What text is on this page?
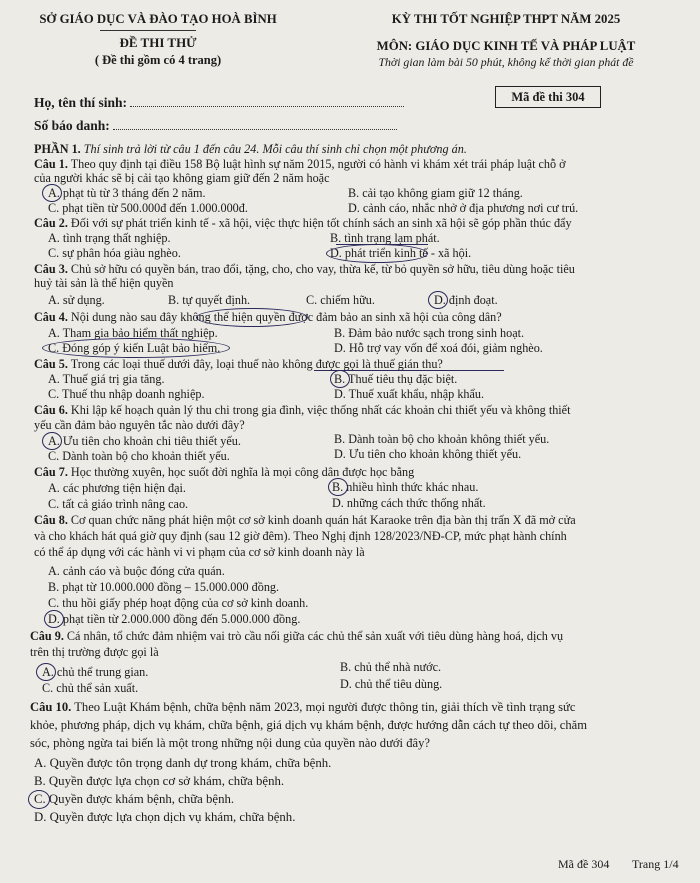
SỞ GIÁO DỤC VÀ ĐÀO TẠO HOÀ BÌNH
ĐỀ THI THỬ
( Đề thi gồm có 4 trang)
KỲ THI TỐT NGHIỆP THPT NĂM 2025
MÔN: GIÁO DỤC KINH TẾ VÀ PHÁP LUẬT
Thời gian làm bài 50 phút, không kể thời gian phát đề
Họ, tên thí sinh:
Số báo danh:
Mã đề thi 304
PHẦN 1. Thí sinh trả lời từ câu 1 đến câu 24. Mỗi câu thí sinh chỉ chọn một phương án.
Câu 1. Theo quy định tại điều 158 Bộ luật hình sự năm 2015, người có hành vi khám xét trái pháp luật chỗ ở
của người khác sẽ bị cải tạo không giam giữ đến 2 năm hoặc
A. phạt tù từ 3 tháng đến 2 năm.	B. cải tạo không giam giữ 12 tháng.
C. phạt tiền từ 500.000đ đến 1.000.000đ.	D. cảnh cáo, nhắc nhở ở địa phương nơi cư trú.
Câu 2. Đối với sự phát triển kinh tế - xã hội, việc thực hiện tốt chính sách an sinh xã hội sẽ góp phần thúc đẩy
A. tình trạng thất nghiệp.	B. tình trạng lạm phát.
C. sự phân hóa giàu nghèo.	D. phát triển kinh tế - xã hội.
Câu 3. Chủ sở hữu có quyền bán, trao đổi, tặng, cho, cho vay, thừa kế, từ bỏ quyền sở hữu, tiêu dùng hoặc tiêu
huỷ tài sản là thể hiện quyền
A. sử dụng.	B. tự quyết định.	C. chiếm hữu.	D. định đoạt.
Câu 4. Nội dung nào sau đây không thể hiện quyền được đảm bảo an sinh xã hội của công dân?
A. Tham gia bảo hiểm thất nghiệp.	B. Đảm bảo nước sạch trong sinh hoạt.
C. Đóng góp ý kiến Luật bảo hiểm.	D. Hỗ trợ vay vốn để xoá đói, giảm nghèo.
Câu 5. Trong các loại thuế dưới đây, loại thuế nào không được gọi là thuế gián thu?
A. Thuế giá trị gia tăng.	B. Thuế tiêu thụ đặc biệt.
C. Thuế thu nhập doanh nghiệp.	D. Thuế xuất khẩu, nhập khẩu.
Câu 6. Khi lập kế hoạch quản lý thu chi trong gia đình, việc thống nhất các khoản chi thiết yếu và không thiết
yếu cần đảm bảo nguyên tắc nào dưới đây?
A. Ưu tiên cho khoản chi tiêu thiết yếu.	B. Dành toàn bộ cho khoản không thiết yếu.
C. Dành toàn bộ cho khoản thiết yếu.	D. Ưu tiên cho khoản không thiết yếu.
Câu 7. Học thường xuyên, học suốt đời nghĩa là mọi công dân được học bằng
A. các phương tiện hiện đại.	B. nhiều hình thức khác nhau.
C. tất cả giáo trình nâng cao.	D. những cách thức thống nhất.
Câu 8. Cơ quan chức năng phát hiện một cơ sở kinh doanh quán hát Karaoke trên địa bàn thị trấn X đã mở cửa
và cho khách hát quá giờ quy định (sau 12 giờ đêm). Theo Nghị định 128/2023/NĐ-CP, mức phạt hành chính
có thể áp dụng với các hành vi vi phạm của cơ sở kinh doanh này là
A. cảnh cáo và buộc đóng cửa quán.
B. phạt từ 10.000.000 đồng – 15.000.000 đồng.
C. thu hồi giấy phép hoạt động của cơ sở kinh doanh.
D. phạt tiền từ 2.000.000 đồng đến 5.000.000 đồng.
Câu 9. Cá nhân, tổ chức đảm nhiệm vai trò cầu nối giữa các chủ thể sản xuất với tiêu dùng hàng hoá, dịch vụ
trên thị trường được gọi là
A. chủ thể trung gian.	B. chủ thể nhà nước.
C. chủ thể sản xuất.	D. chủ thể tiêu dùng.
Câu 10. Theo Luật Khám bệnh, chữa bệnh năm 2023, mọi người được thông tin, giải thích về tình trạng sức
khỏe, phương pháp, dịch vụ khám, chữa bệnh, giá dịch vụ khám bệnh, được hướng dẫn cách tự theo dõi, chăm
sóc, phòng ngừa tai biến là một trong những nội dung của quyền nào dưới đây?
A. Quyền được tôn trọng danh dự trong khám, chữa bệnh.
B. Quyền được lựa chọn cơ sở khám, chữa bệnh.
C. Quyền được khám bệnh, chữa bệnh.
D. Quyền được lựa chọn dịch vụ khám, chữa bệnh.
Mã đề 304 Trang 1/4
